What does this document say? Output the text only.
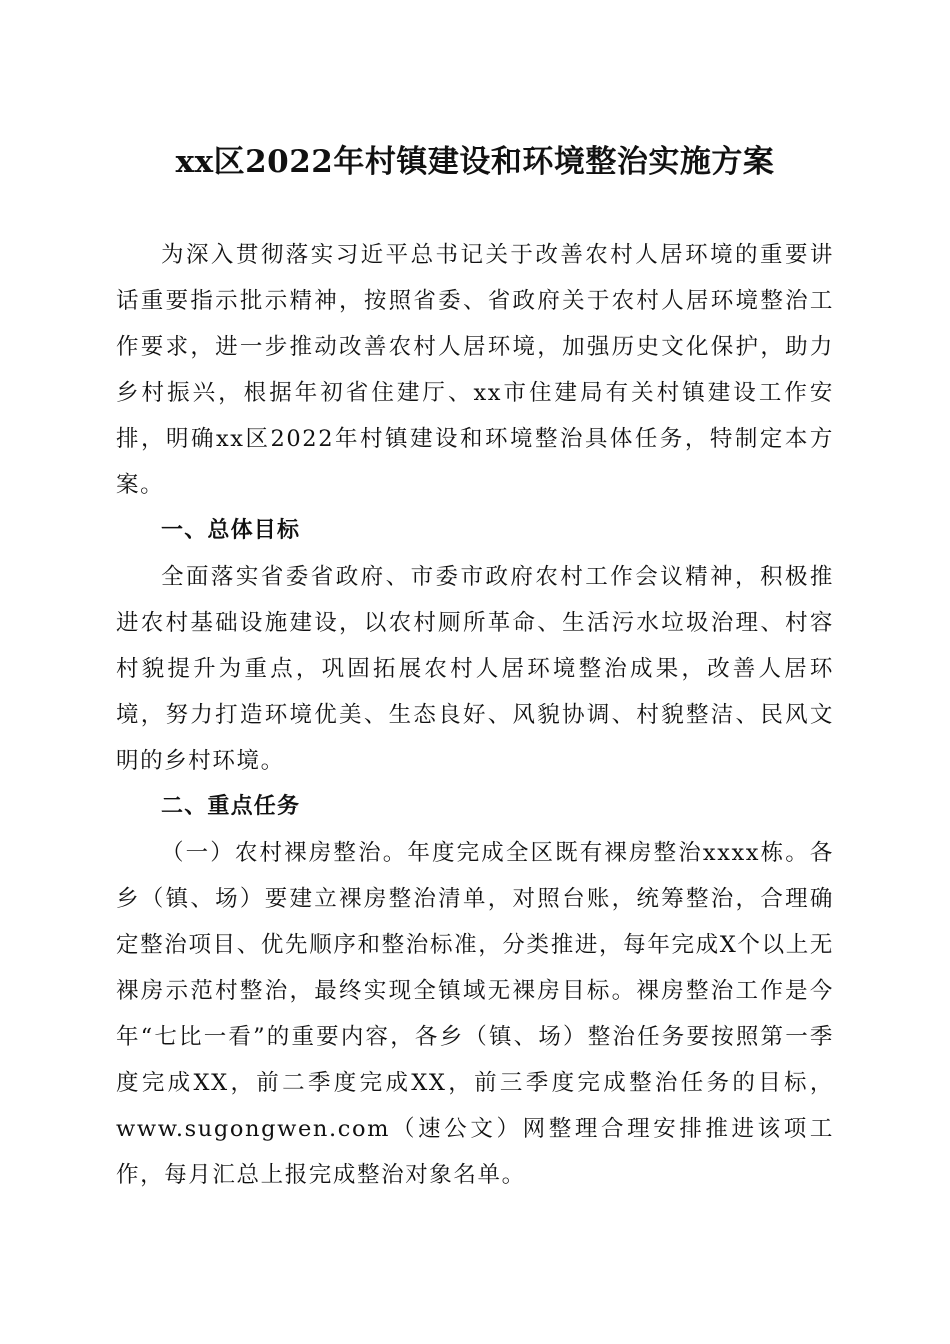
xx区2022年村镇建设和环境整治实施方案

为深入贯彻落实习近平总书记关于改善农村人居环境的重要讲话重要指示批示精神，按照省委、省政府关于农村人居环境整治工作要求，进一步推动改善农村人居环境，加强历史文化保护，助力乡村振兴，根据年初省住建厅、xx市住建局有关村镇建设工作安排，明确xx区2022年村镇建设和环境整治具体任务，特制定本方案。

一、总体目标

全面落实省委省政府、市委市政府农村工作会议精神，积极推进农村基础设施建设，以农村厕所革命、生活污水垃圾治理、村容村貌提升为重点，巩固拓展农村人居环境整治成果，改善人居环境，努力打造环境优美、生态良好、风貌协调、村貌整洁、民风文明的乡村环境。

二、重点任务

（一）农村裸房整治。年度完成全区既有裸房整治xxxx栋。各乡（镇、场）要建立裸房整治清单，对照台账，统筹整治，合理确定整治项目、优先顺序和整治标准，分类推进，每年完成X个以上无裸房示范村整治，最终实现全镇域无裸房目标。裸房整治工作是今年“七比一看”的重要内容，各乡（镇、场）整治任务要按照第一季度完成XX，前二季度完成XX，前三季度完成整治任务的目标，www.sugongwen.com（速公文）网整理合理安排推进该项工作，每月汇总上报完成整治对象名单。
